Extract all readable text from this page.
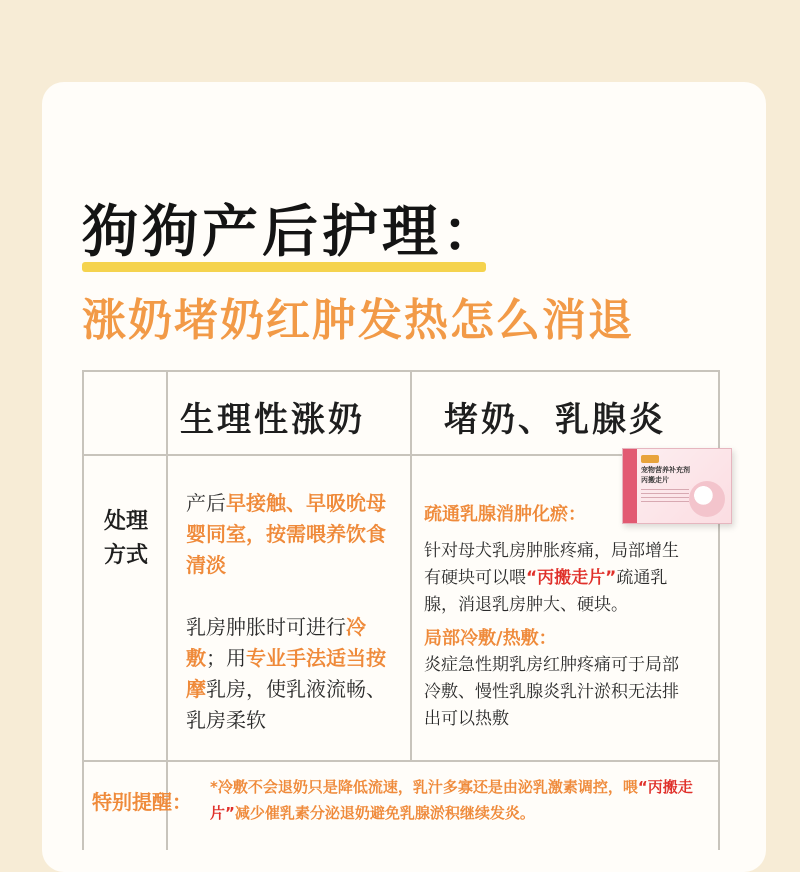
狗狗产后护理：
涨奶堵奶红肿发热怎么消退
生理性涨奶 堵奶、乳腺炎
处理
方式
产后早接触、早吸吮母婴同室，按需喂养饮食清淡
乳房肿胀时可进行冷敷；用专业手法适当按摩乳房，使乳液流畅、乳房柔软
疏通乳腺消肿化瘀：
针对母犬乳房肿胀疼痛，局部增生有硬块可以喂“丙搬走片”疏通乳腺，消退乳房肿大、硬块。
局部冷敷/热敷：
炎症急性期乳房红肿疼痛可于局部冷敷、慢性乳腺炎乳汁淤积无法排出可以热敷
宠物营养补充剂
丙搬走片
特别提醒：
*冷敷不会退奶只是降低流速，乳汁多寡还是由泌乳激素调控，喂“丙搬走片”减少催乳素分泌退奶避免乳腺淤积继续发炎。
